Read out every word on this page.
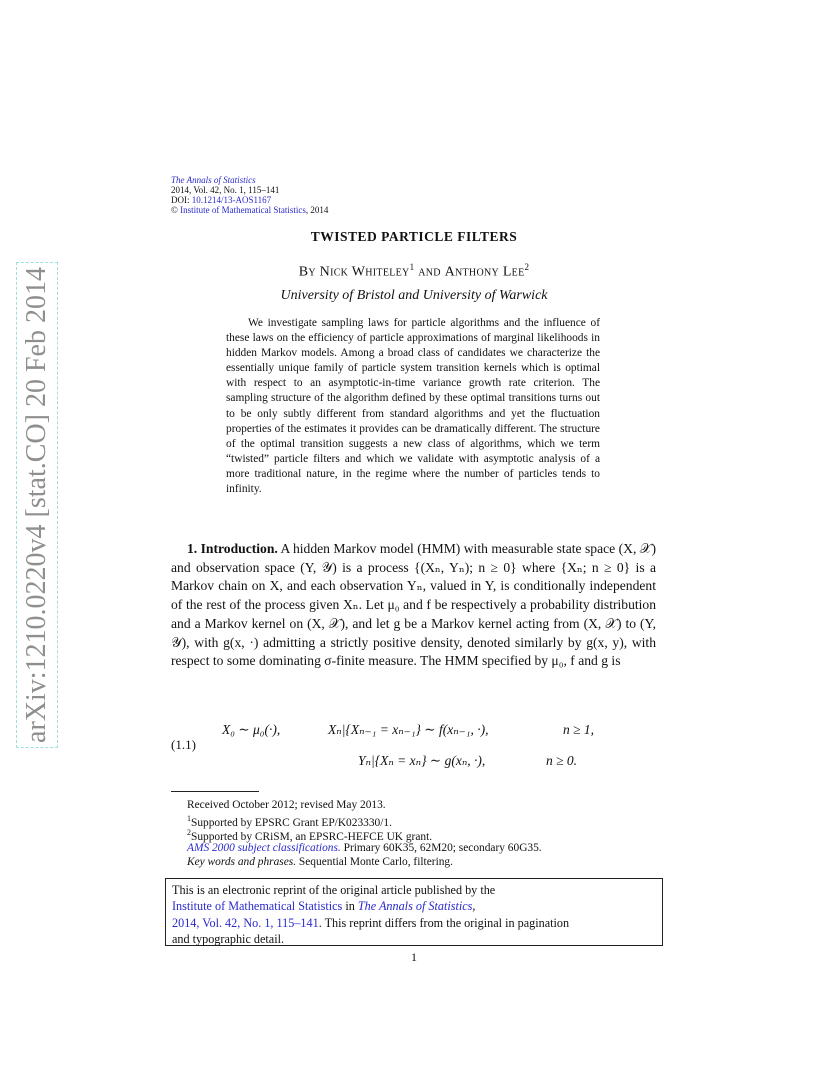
arXiv:1210.0220v4 [stat.CO] 20 Feb 2014
The Annals of Statistics
2014, Vol. 42, No. 1, 115–141
DOI: 10.1214/13-AOS1167
© Institute of Mathematical Statistics, 2014
TWISTED PARTICLE FILTERS
By Nick Whiteley$^1$ and Anthony Lee$^2$
University of Bristol and University of Warwick
We investigate sampling laws for particle algorithms and the influence of these laws on the efficiency of particle approximations of marginal likelihoods in hidden Markov models. Among a broad class of candidates we characterize the essentially unique family of particle system transition kernels which is optimal with respect to an asymptotic-in-time variance growth rate criterion. The sampling structure of the algorithm defined by these optimal transitions turns out to be only subtly different from standard algorithms and yet the fluctuation properties of the estimates it provides can be dramatically different. The structure of the optimal transition suggests a new class of algorithms, which we term “twisted” particle filters and which we validate with asymptotic analysis of a more traditional nature, in the regime where the number of particles tends to infinity.
1. Introduction. A hidden Markov model (HMM) with measurable state space (X, 𝒳) and observation space (Y, 𝒴) is a process {(Xₙ, Yₙ); n ≥ 0} where {Xₙ; n ≥ 0} is a Markov chain on X, and each observation Yₙ, valued in Y, is conditionally independent of the rest of the process given Xₙ. Let μ₀ and f be respectively a probability distribution and a Markov kernel on (X, 𝒳), and let g be a Markov kernel acting from (X, 𝒳) to (Y, 𝒴), with g(x, ·) admitting a strictly positive density, denoted similarly by g(x, y), with respect to some dominating σ-finite measure. The HMM specified by μ₀, f and g is
(1.1)
X₀ ∼ μ₀(·),	Xₙ|{Xₙ₋₁ = xₙ₋₁} ∼ f(xₙ₋₁, ·),	n ≥ 1,
Yₙ|{Xₙ = xₙ} ∼ g(xₙ, ·),	n ≥ 0.
Received October 2012; revised May 2013.
$^1$Supported by EPSRC Grant EP/K023330/1.
$^2$Supported by CRiSM, an EPSRC-HEFCE UK grant.
AMS 2000 subject classifications. Primary 60K35, 62M20; secondary 60G35.
Key words and phrases. Sequential Monte Carlo, filtering.
This is an electronic reprint of the original article published by the
Institute of Mathematical Statistics in The Annals of Statistics,
2014, Vol. 42, No. 1, 115–141. This reprint differs from the original in pagination
and typographic detail.
1
